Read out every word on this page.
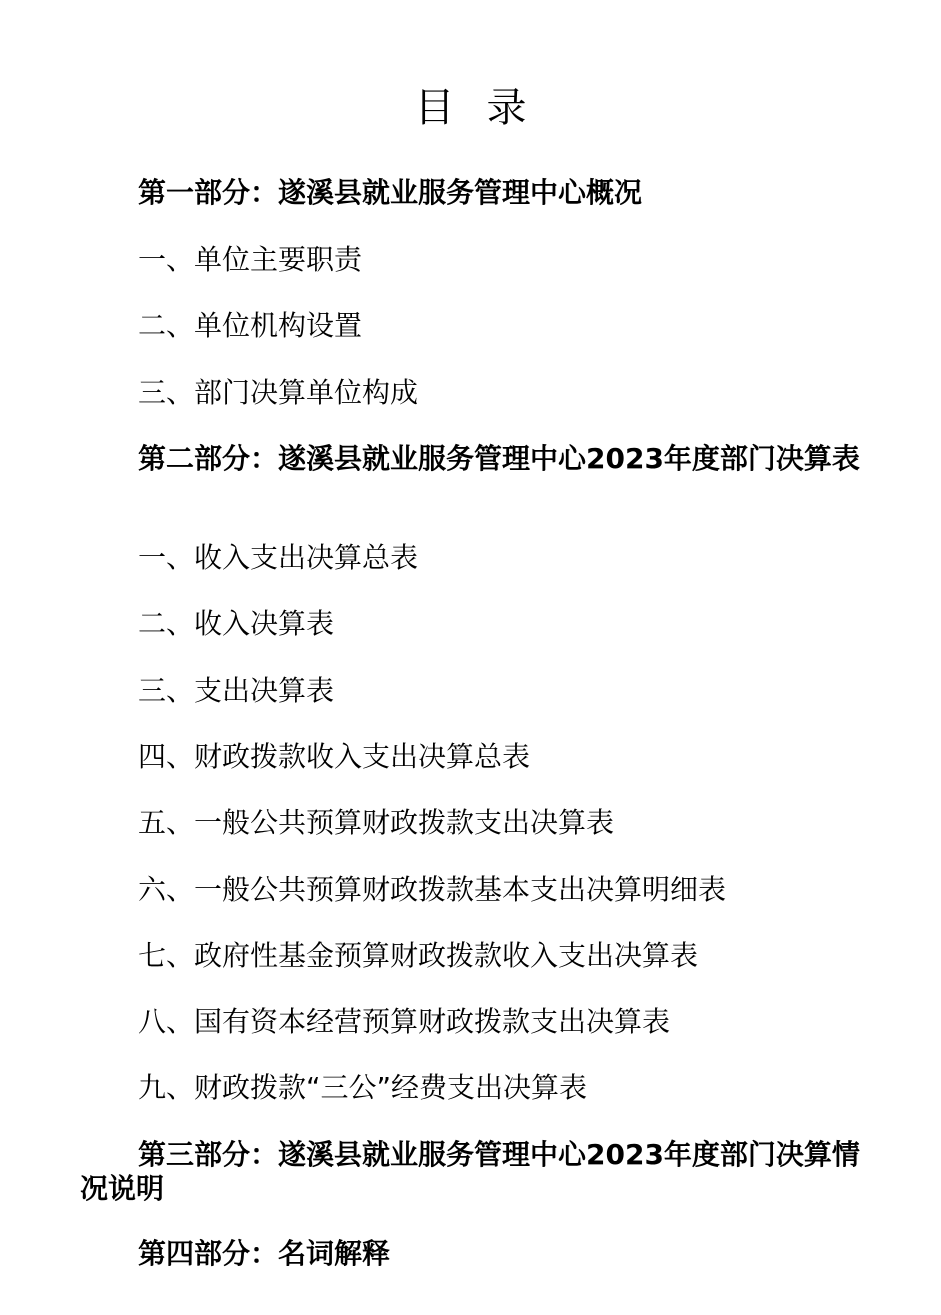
目录
第一部分：遂溪县就业服务管理中心概况
一、单位主要职责
二、单位机构设置
三、部门决算单位构成
第二部分：遂溪县就业服务管理中心2023年度部门决算表
一、收入支出决算总表
二、收入决算表
三、支出决算表
四、财政拨款收入支出决算总表
五、一般公共预算财政拨款支出决算表
六、一般公共预算财政拨款基本支出决算明细表
七、政府性基金预算财政拨款收入支出决算表
八、国有资本经营预算财政拨款支出决算表
九、财政拨款“三公”经费支出决算表
第三部分：遂溪县就业服务管理中心2023年度部门决算情况说明
第四部分：名词解释
